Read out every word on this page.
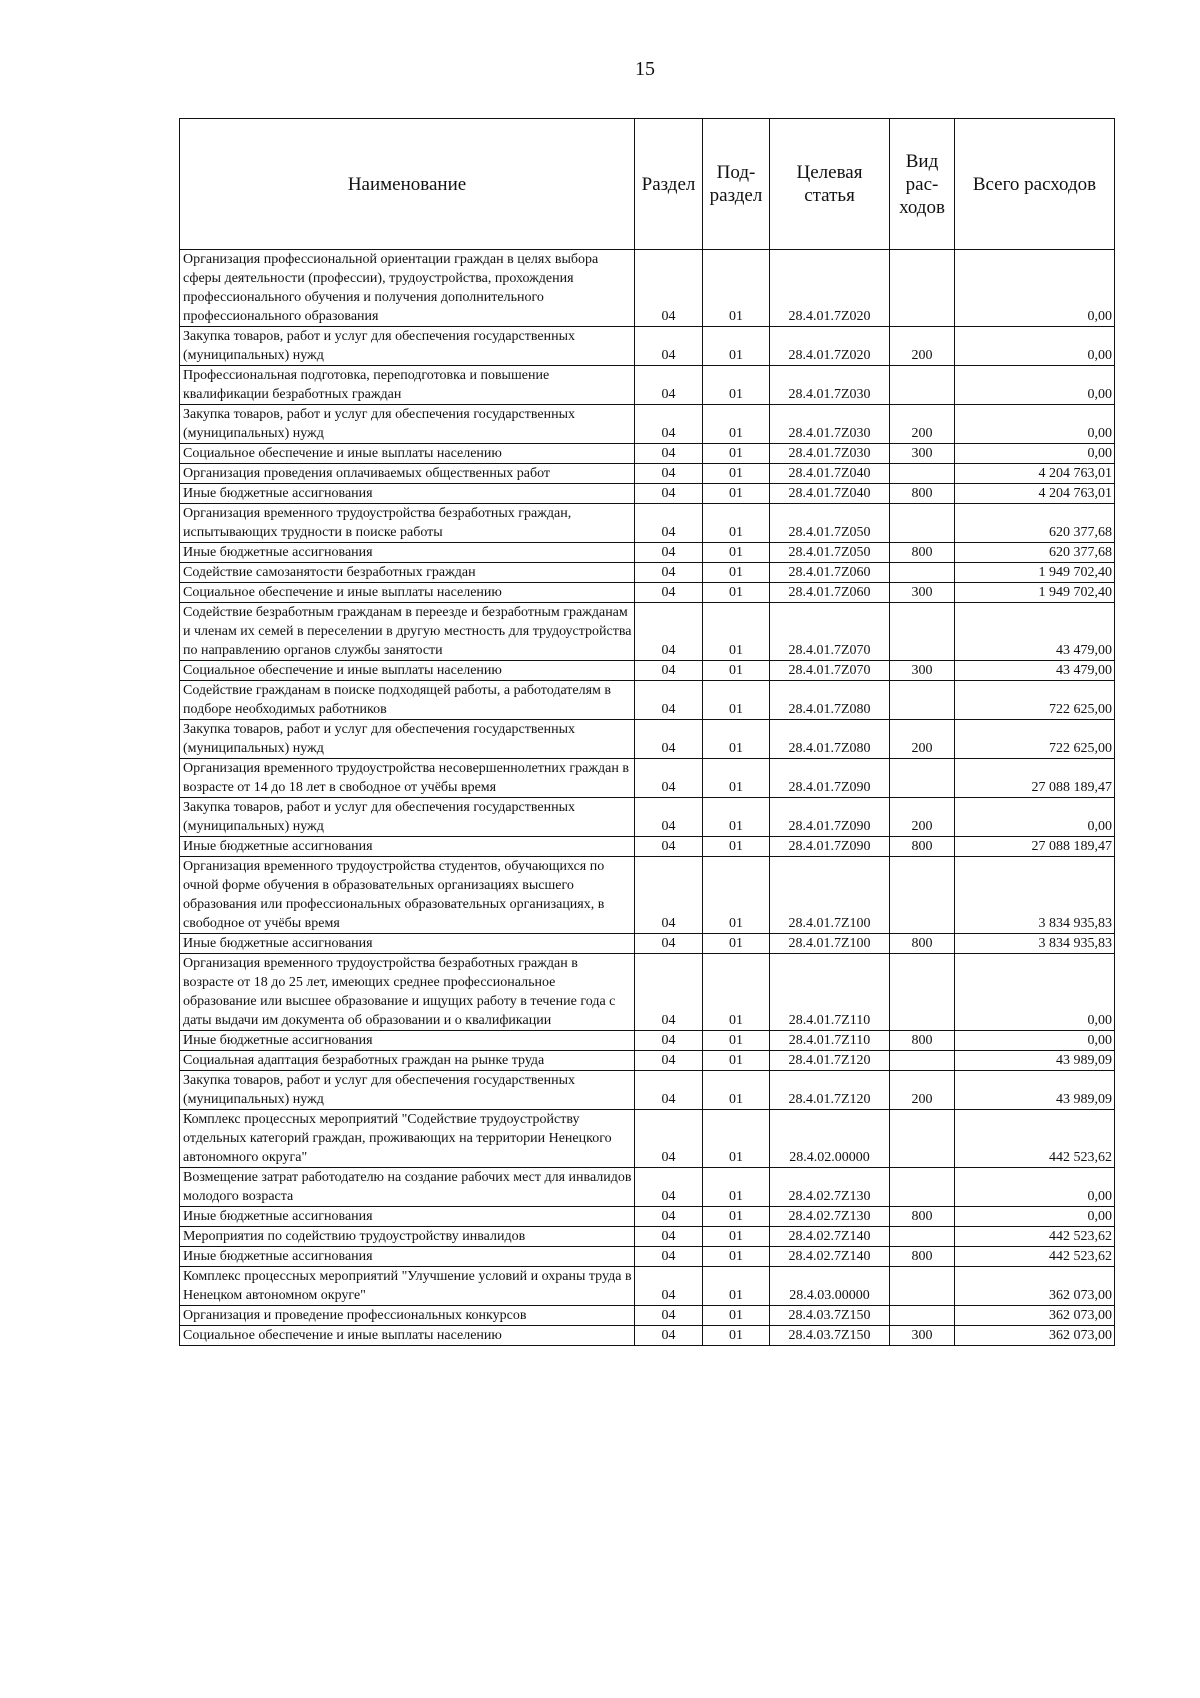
15
Наименование	Раздел	Под-раздел	Целевая статья	Вид рас-ходов	Всего расходов
Организация профессиональной ориентации граждан в целях выбора сферы деятельности (профессии), трудоустройства, прохождения профессионального обучения и получения дополнительного профессионального образования	04	01	28.4.01.7Z020		0,00
Закупка товаров, работ и услуг для обеспечения государственных (муниципальных) нужд	04	01	28.4.01.7Z020	200	0,00
Профессиональная подготовка, переподготовка и повышение квалификации безработных граждан	04	01	28.4.01.7Z030		0,00
Закупка товаров, работ и услуг для обеспечения государственных (муниципальных) нужд	04	01	28.4.01.7Z030	200	0,00
Социальное обеспечение и иные выплаты населению	04	01	28.4.01.7Z030	300	0,00
Организация проведения оплачиваемых общественных работ	04	01	28.4.01.7Z040		4 204 763,01
Иные бюджетные ассигнования	04	01	28.4.01.7Z040	800	4 204 763,01
Организация временного трудоустройства безработных граждан, испытывающих трудности в поиске работы	04	01	28.4.01.7Z050		620 377,68
Иные бюджетные ассигнования	04	01	28.4.01.7Z050	800	620 377,68
Содействие самозанятости безработных граждан	04	01	28.4.01.7Z060		1 949 702,40
Социальное обеспечение и иные выплаты населению	04	01	28.4.01.7Z060	300	1 949 702,40
Содействие безработным гражданам в переезде и безработным гражданам и членам их семей в переселении в другую местность для трудоустройства по направлению органов службы занятости	04	01	28.4.01.7Z070		43 479,00
Социальное обеспечение и иные выплаты населению	04	01	28.4.01.7Z070	300	43 479,00
Содействие гражданам в поиске подходящей работы, а работодателям в подборе необходимых работников	04	01	28.4.01.7Z080		722 625,00
Закупка товаров, работ и услуг для обеспечения государственных (муниципальных) нужд	04	01	28.4.01.7Z080	200	722 625,00
Организация временного трудоустройства несовершеннолетних граждан в возрасте от 14 до 18 лет в свободное от учёбы время	04	01	28.4.01.7Z090		27 088 189,47
Закупка товаров, работ и услуг для обеспечения государственных (муниципальных) нужд	04	01	28.4.01.7Z090	200	0,00
Иные бюджетные ассигнования	04	01	28.4.01.7Z090	800	27 088 189,47
Организация временного трудоустройства студентов, обучающихся по очной форме обучения в образовательных организациях высшего образования или профессиональных образовательных организациях, в свободное от учёбы время	04	01	28.4.01.7Z100		3 834 935,83
Иные бюджетные ассигнования	04	01	28.4.01.7Z100	800	3 834 935,83
Организация временного трудоустройства безработных граждан в возрасте от 18 до 25 лет, имеющих среднее профессиональное образование или высшее образование и ищущих работу в течение года с даты выдачи им документа об образовании и о квалификации	04	01	28.4.01.7Z110		0,00
Иные бюджетные ассигнования	04	01	28.4.01.7Z110	800	0,00
Социальная адаптация безработных граждан на рынке труда	04	01	28.4.01.7Z120		43 989,09
Закупка товаров, работ и услуг для обеспечения государственных (муниципальных) нужд	04	01	28.4.01.7Z120	200	43 989,09
Комплекс процессных мероприятий "Содействие трудоустройству отдельных категорий граждан, проживающих на территории Ненецкого автономного округа"	04	01	28.4.02.00000		442 523,62
Возмещение затрат работодателю на создание рабочих мест для инвалидов молодого возраста	04	01	28.4.02.7Z130		0,00
Иные бюджетные ассигнования	04	01	28.4.02.7Z130	800	0,00
Мероприятия по содействию трудоустройству инвалидов	04	01	28.4.02.7Z140		442 523,62
Иные бюджетные ассигнования	04	01	28.4.02.7Z140	800	442 523,62
Комплекс процессных мероприятий "Улучшение условий и охраны труда в Ненецком автономном округе"	04	01	28.4.03.00000		362 073,00
Организация и проведение профессиональных конкурсов	04	01	28.4.03.7Z150		362 073,00
Социальное обеспечение и иные выплаты населению	04	01	28.4.03.7Z150	300	362 073,00
